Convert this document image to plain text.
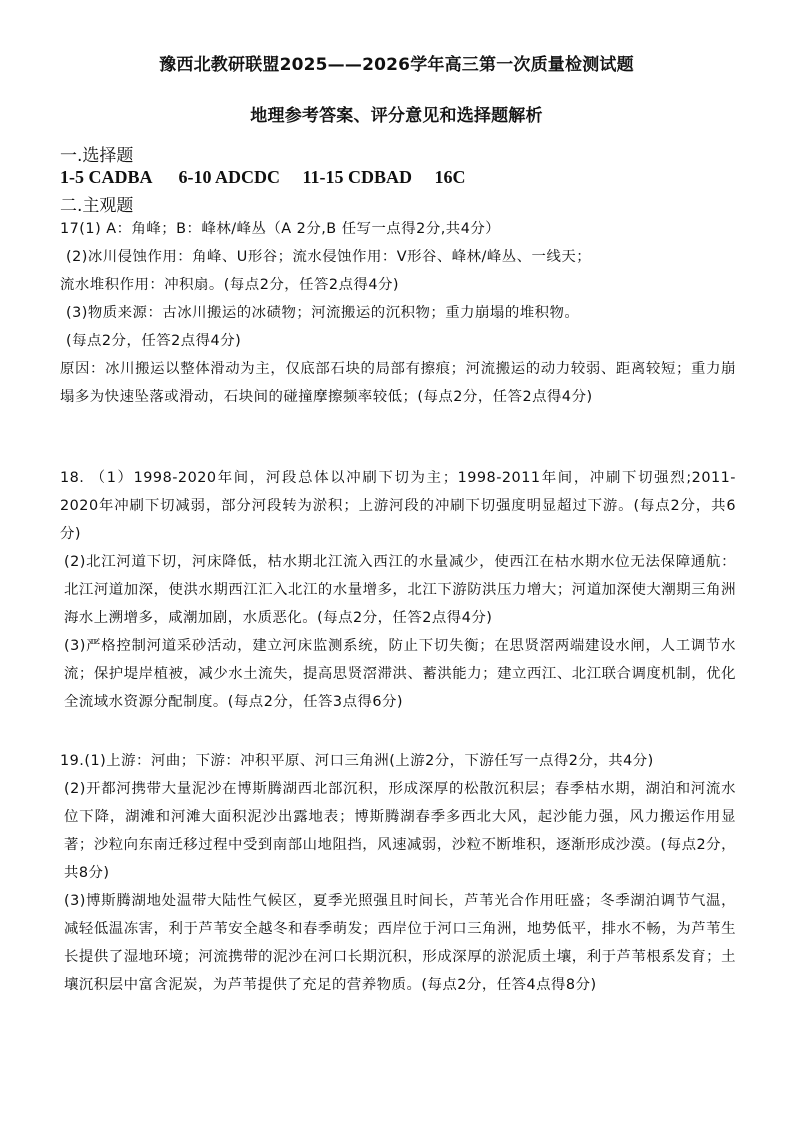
豫西北教研联盟2025——2026学年高三第一次质量检测试题
地理参考答案、评分意见和选择题解析
一.选择题
1-5 CADBA      6-10 ADCDC     11-15 CDBAD     16C
二.主观题

17(1) A：角峰；B：峰林/峰丛（A 2分,B 任写一点得2分,共4分）

(2)冰川侵蚀作用：角峰、U形谷；流水侵蚀作用：V形谷、峰林/峰丛、一线天；

流水堆积作用：冲积扇。(每点2分，任答2点得4分)

(3)物质来源：古冰川搬运的冰碛物；河流搬运的沉积物；重力崩塌的堆积物。

(每点2分，任答2点得4分)

原因：冰川搬运以整体滑动为主，仅底部石块的局部有擦痕；河流搬运的动力较弱、距离较短；重力崩塌多为快速坠落或滑动，石块间的碰撞摩擦频率较低；(每点2分，任答2点得4分)

18. （1）1998-2020年间，河段总体以冲刷下切为主；1998-2011年间，冲刷下切强烈;2011-2020年冲刷下切减弱，部分河段转为淤积；上游河段的冲刷下切强度明显超过下游。(每点2分，共6分)

(2)北江河道下切，河床降低，枯水期北江流入西江的水量减少，使西江在枯水期水位无法保障通航：北江河道加深，使洪水期西江汇入北江的水量增多，北江下游防洪压力增大；河道加深使大潮期三角洲海水上溯增多，咸潮加剧，水质恶化。(每点2分，任答2点得4分)

(3)严格控制河道采砂活动，建立河床监测系统，防止下切失衡；在思贤滘两端建设水闸，人工调节水流；保护堤岸植被，减少水土流失，提高思贤滘滞洪、蓄洪能力；建立西江、北江联合调度机制，优化全流域水资源分配制度。(每点2分，任答3点得6分)

19.(1)上游：河曲；下游：冲积平原、河口三角洲(上游2分，下游任写一点得2分，共4分)

(2)开都河携带大量泥沙在博斯腾湖西北部沉积，形成深厚的松散沉积层；春季枯水期，湖泊和河流水位下降，湖滩和河滩大面积泥沙出露地表；博斯腾湖春季多西北大风，起沙能力强，风力搬运作用显著；沙粒向东南迁移过程中受到南部山地阻挡，风速减弱，沙粒不断堆积，逐渐形成沙漠。(每点2分，共8分)

(3)博斯腾湖地处温带大陆性气候区，夏季光照强且时间长，芦苇光合作用旺盛；冬季湖泊调节气温，减轻低温冻害，利于芦苇安全越冬和春季萌发；西岸位于河口三角洲，地势低平，排水不畅，为芦苇生长提供了湿地环境；河流携带的泥沙在河口长期沉积，形成深厚的淤泥质土壤，利于芦苇根系发育；土壤沉积层中富含泥炭，为芦苇提供了充足的营养物质。(每点2分，任答4点得8分)
